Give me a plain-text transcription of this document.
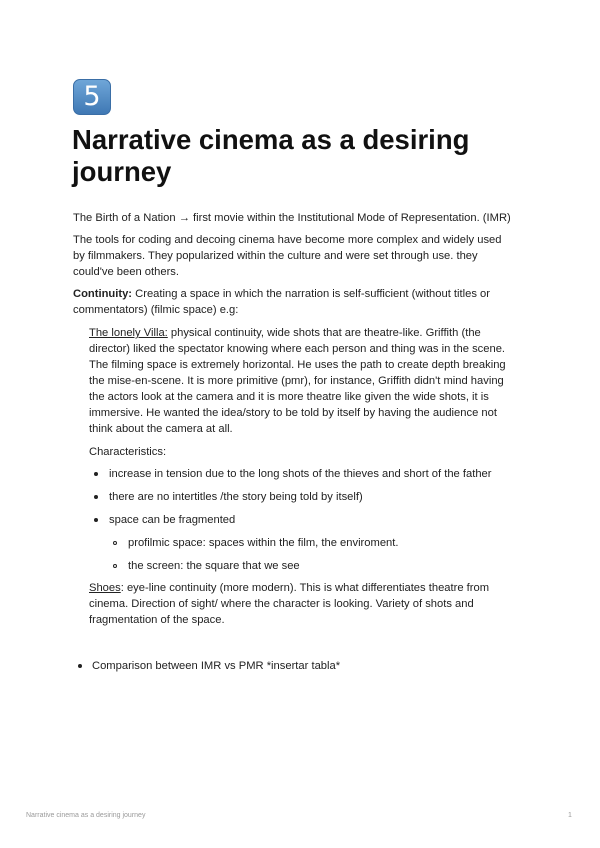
5
Narrative cinema as a desiring
journey
The Birth of a Nation → first movie within the Institutional Mode of Representation. (IMR)
The tools for coding and decoing cinema have become more complex and widely used
by filmmakers. They popularized within the culture and were set through use. they
could've been others.
Continuity: Creating a space in which the narration is self-sufficient (without titles or
commentators) (filmic space) e.g:
The lonely Villa: physical continuity, wide shots that are theatre-like. Griffith (the
director) liked the spectator knowing where each person and thing was in the scene.
The filming space is extremely horizontal. He uses the path to create depth breaking
the mise-en-scene. It is more primitive (pmr), for instance, Griffith didn't mind having
the actors look at the camera and it is more theatre like given the wide shots, it is
immersive. He wanted the idea/story to be told by itself by having the audience not
think about the camera at all.
Characteristics:
increase in tension due to the long shots of the thieves and short of the father
there are no intertitles /the story being told by itself)
space can be fragmented
profilmic space: spaces within the film, the enviroment.
the screen: the square that we see
Shoes: eye-line continuity (more modern). This is what differentiates theatre from
cinema. Direction of sight/ where the character is looking. Variety of shots and
fragmentation of the space.
Comparison between IMR vs PMR *insertar tabla*
Narrative cinema as a desiring journey	1
